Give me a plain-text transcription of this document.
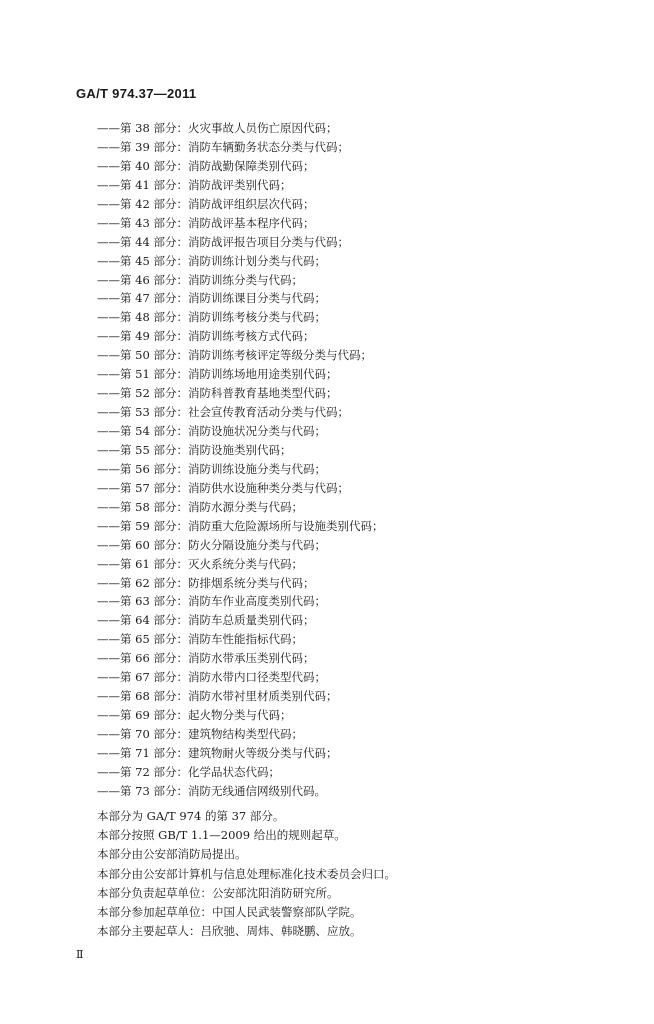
GA/T 974.37—2011
——第 38 部分：火灾事故人员伤亡原因代码；
——第 39 部分：消防车辆勤务状态分类与代码；
——第 40 部分：消防战勤保障类别代码；
——第 41 部分：消防战评类别代码；
——第 42 部分：消防战评组织层次代码；
——第 43 部分：消防战评基本程序代码；
——第 44 部分：消防战评报告项目分类与代码；
——第 45 部分：消防训练计划分类与代码；
——第 46 部分：消防训练分类与代码；
——第 47 部分：消防训练课目分类与代码；
——第 48 部分：消防训练考核分类与代码；
——第 49 部分：消防训练考核方式代码；
——第 50 部分：消防训练考核评定等级分类与代码；
——第 51 部分：消防训练场地用途类别代码；
——第 52 部分：消防科普教育基地类型代码；
——第 53 部分：社会宣传教育活动分类与代码；
——第 54 部分：消防设施状况分类与代码；
——第 55 部分：消防设施类别代码；
——第 56 部分：消防训练设施分类与代码；
——第 57 部分：消防供水设施种类分类与代码；
——第 58 部分：消防水源分类与代码；
——第 59 部分：消防重大危险源场所与设施类别代码；
——第 60 部分：防火分隔设施分类与代码；
——第 61 部分：灭火系统分类与代码；
——第 62 部分：防排烟系统分类与代码；
——第 63 部分：消防车作业高度类别代码；
——第 64 部分：消防车总质量类别代码；
——第 65 部分：消防车性能指标代码；
——第 66 部分：消防水带承压类别代码；
——第 67 部分：消防水带内口径类型代码；
——第 68 部分：消防水带衬里材质类别代码；
——第 69 部分：起火物分类与代码；
——第 70 部分：建筑物结构类型代码；
——第 71 部分：建筑物耐火等级分类与代码；
——第 72 部分：化学品状态代码；
——第 73 部分：消防无线通信网级别代码。
本部分为 GA/T 974 的第 37 部分。
本部分按照 GB/T 1.1—2009 给出的规则起草。
本部分由公安部消防局提出。
本部分由公安部计算机与信息处理标准化技术委员会归口。
本部分负责起草单位：公安部沈阳消防研究所。
本部分参加起草单位：中国人民武装警察部队学院。
本部分主要起草人：吕欣驰、周炜、韩晓鹏、应放。
Ⅱ
